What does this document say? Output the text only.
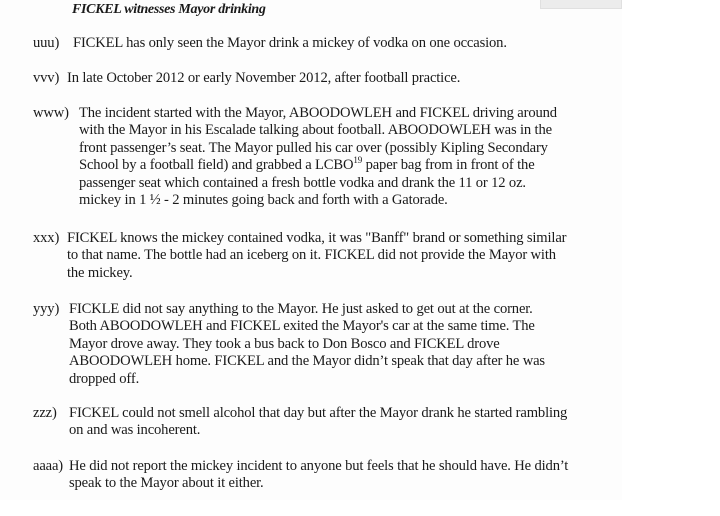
FICKEL witnesses Mayor drinking
uuu) FICKEL has only seen the Mayor drink a mickey of vodka on one occasion.
vvv) In late October 2012 or early November 2012, after football practice.
www) The incident started with the Mayor, ABOODOWLEH and FICKEL driving around
with the Mayor in his Escalade talking about football. ABOODOWLEH was in the
front passenger’s seat. The Mayor pulled his car over (possibly Kipling Secondary
School by a football field) and grabbed a LCBO$^{19}$ paper bag from in front of the
passenger seat which contained a fresh bottle vodka and drank the 11 or 12 oz.
mickey in 1 ½ - 2 minutes going back and forth with a Gatorade.
xxx) FICKEL knows the mickey contained vodka, it was "Banff" brand or something similar
to that name. The bottle had an iceberg on it. FICKEL did not provide the Mayor with
the mickey.
yyy) FICKLE did not say anything to the Mayor. He just asked to get out at the corner.
Both ABOODOWLEH and FICKEL exited the Mayor's car at the same time. The
Mayor drove away. They took a bus back to Don Bosco and FICKEL drove
ABOODOWLEH home. FICKEL and the Mayor didn’t speak that day after he was
dropped off.
zzz) FICKEL could not smell alcohol that day but after the Mayor drank he started rambling
on and was incoherent.
aaaa) He did not report the mickey incident to anyone but feels that he should have. He didn’t
speak to the Mayor about it either.
